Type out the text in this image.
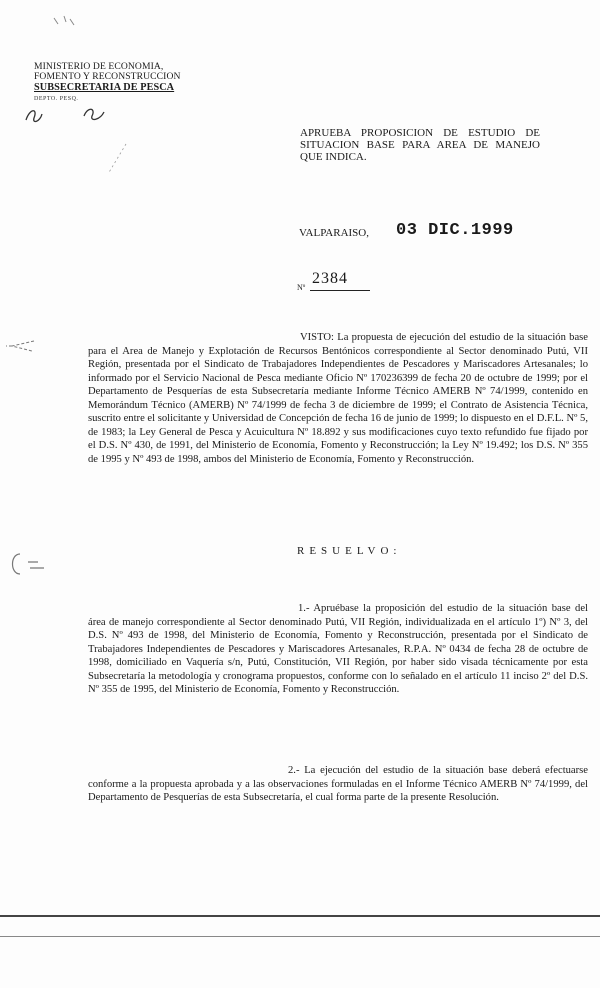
MINISTERIO DE ECONOMIA,
FOMENTO Y RECONSTRUCCION
SUBSECRETARIA DE PESCA
DEPTO. PESQ.
APRUEBA PROPOSICION DE ESTUDIO DE SITUACION BASE PARA AREA DE MANEJO QUE INDICA.
VALPARAISO, 03 DIC.1999
Nº
2384
VISTO: La propuesta de ejecución del estudio de la situación base para el Area de Manejo y Explotación de Recursos Bentónicos correspondiente al Sector denominado Putú, VII Región, presentada por el Sindicato de Trabajadores Independientes de Pescadores y Mariscadores Artesanales; lo informado por el Servicio Nacional de Pesca mediante Oficio Nº 170236399 de fecha 20 de octubre de 1999; por el Departamento de Pesquerías de esta Subsecretaría mediante Informe Técnico AMERB Nº 74/1999, contenido en Memorándum Técnico (AMERB) Nº 74/1999 de fecha 3 de diciembre de 1999; el Contrato de Asistencia Técnica, suscrito entre el solicitante y Universidad de Concepción de fecha 16 de junio de 1999; lo dispuesto en el D.F.L. Nº 5, de 1983; la Ley General de Pesca y Acuicultura Nº 18.892 y sus modificaciones cuyo texto refundido fue fijado por el D.S. Nº 430, de 1991, del Ministerio de Economía, Fomento y Reconstrucción; la Ley Nº 19.492; los D.S. Nº 355 de 1995 y Nº 493 de 1998, ambos del Ministerio de Economía, Fomento y Reconstrucción.
RESUELVO:
1.- Apruébase la proposición del estudio de la situación base del área de manejo correspondiente al Sector denominado Putú, VII Región, individualizada en el artículo 1º) Nº 3, del D.S. Nº 493 de 1998, del Ministerio de Economía, Fomento y Reconstrucción, presentada por el Sindicato de Trabajadores Independientes de Pescadores y Mariscadores Artesanales, R.P.A. Nº 0434 de fecha 28 de octubre de 1998, domiciliado en Vaquería s/n, Putú, Constitución, VII Región, por haber sido visada técnicamente por esta Subsecretaría la metodología y cronograma propuestos, conforme con lo señalado en el artículo 11 inciso 2º del D.S. Nº 355 de 1995, del Ministerio de Economía, Fomento y Reconstrucción.
2.- La ejecución del estudio de la situación base deberá efectuarse conforme a la propuesta aprobada y a las observaciones formuladas en el Informe Técnico AMERB Nº 74/1999, del Departamento de Pesquerías de esta Subsecretaría, el cual forma parte de la presente Resolución.
